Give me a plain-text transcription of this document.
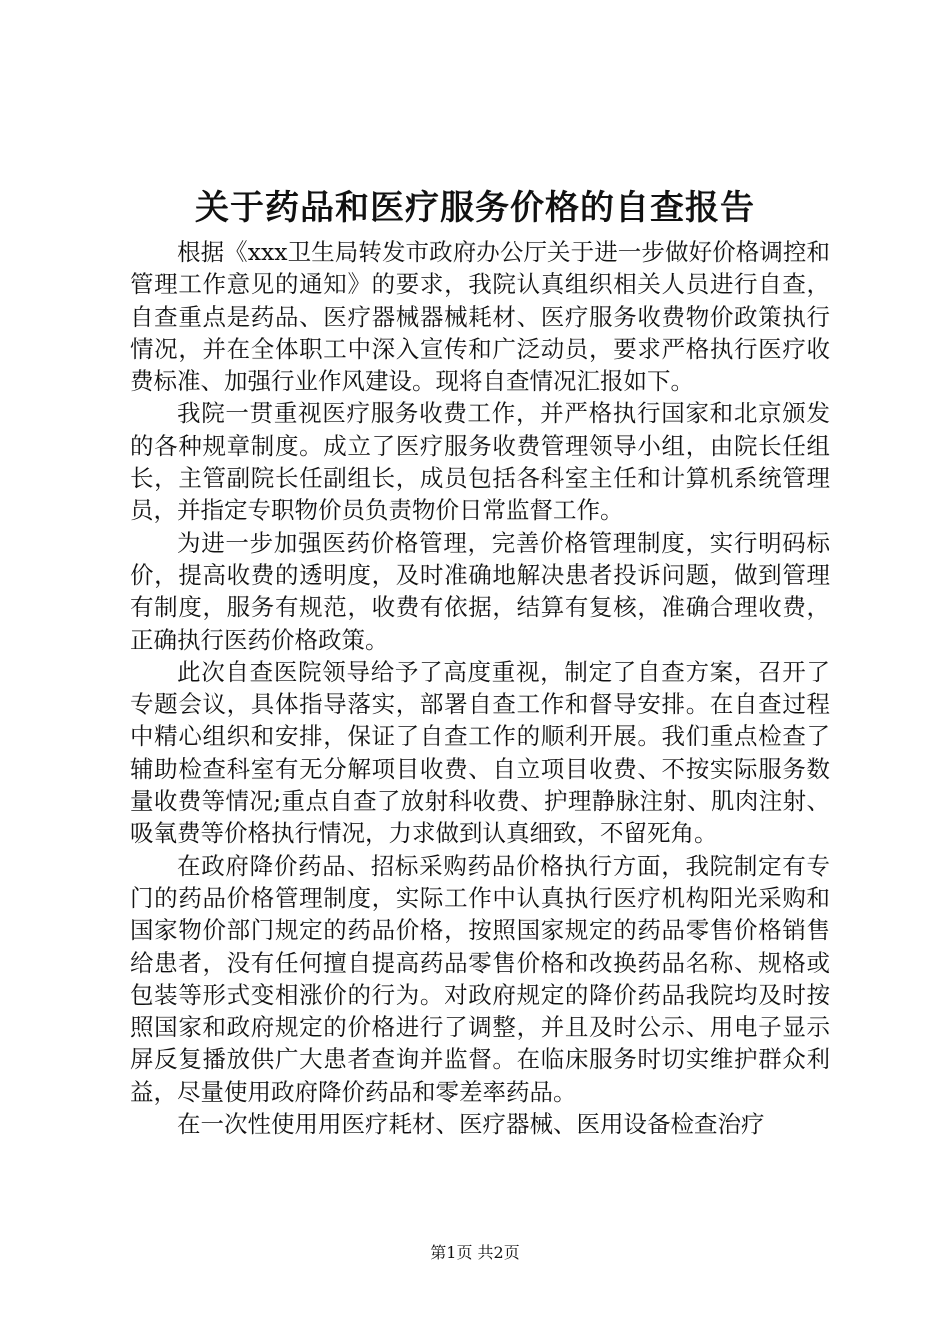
关于药品和医疗服务价格的自查报告

根据《xxx卫生局转发市政府办公厅关于进一步做好价格调控和管理工作意见的通知》的要求，我院认真组织相关人员进行自查，自查重点是药品、医疗器械器械耗材、医疗服务收费物价政策执行情况，并在全体职工中深入宣传和广泛动员，要求严格执行医疗收费标准、加强行业作风建设。现将自查情况汇报如下。

我院一贯重视医疗服务收费工作，并严格执行国家和北京颁发的各种规章制度。成立了医疗服务收费管理领导小组，由院长任组长，主管副院长任副组长，成员包括各科室主任和计算机系统管理员，并指定专职物价员负责物价日常监督工作。

为进一步加强医药价格管理，完善价格管理制度，实行明码标价，提高收费的透明度，及时准确地解决患者投诉问题，做到管理有制度，服务有规范，收费有依据，结算有复核，准确合理收费，正确执行医药价格政策。

此次自查医院领导给予了高度重视，制定了自查方案，召开了专题会议，具体指导落实，部署自查工作和督导安排。在自查过程中精心组织和安排，保证了自查工作的顺利开展。我们重点检查了辅助检查科室有无分解项目收费、自立项目收费、不按实际服务数量收费等情况;重点自查了放射科收费、护理静脉注射、肌肉注射、吸氧费等价格执行情况，力求做到认真细致，不留死角。

在政府降价药品、招标采购药品价格执行方面，我院制定有专门的药品价格管理制度，实际工作中认真执行医疗机构阳光采购和国家物价部门规定的药品价格，按照国家规定的药品零售价格销售给患者，没有任何擅自提高药品零售价格和改换药品名称、规格或包装等形式变相涨价的行为。对政府规定的降价药品我院均及时按照国家和政府规定的价格进行了调整，并且及时公示、用电子显示屏反复播放供广大患者查询并监督。在临床服务时切实维护群众利益，尽量使用政府降价药品和零差率药品。

在一次性使用用医疗耗材、医疗器械、医用设备检查治疗

第1页 共2页
